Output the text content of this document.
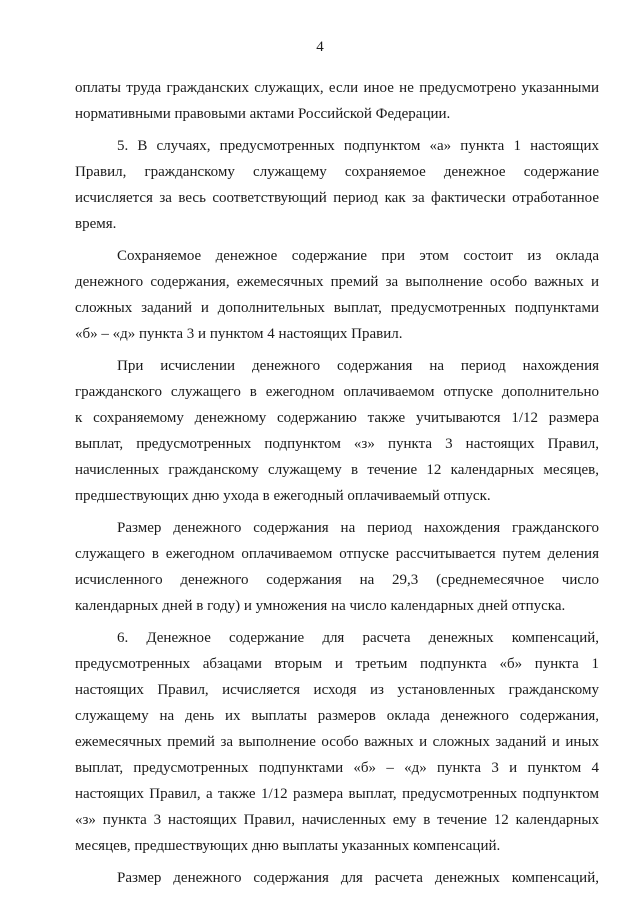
4
оплаты труда гражданских служащих, если иное не предусмотрено указанными
нормативными правовыми актами Российской Федерации.
5. В случаях, предусмотренных подпунктом «а» пункта 1 настоящих
Правил, гражданскому служащему сохраняемое денежное содержание
исчисляется за весь соответствующий период как за фактически отработанное
время.
Сохраняемое денежное содержание при этом состоит из оклада
денежного содержания, ежемесячных премий за выполнение особо важных и
сложных заданий и дополнительных выплат, предусмотренных подпунктами
«б» – «д» пункта 3 и пунктом 4 настоящих Правил.
При исчислении денежного содержания на период нахождения
гражданского служащего в ежегодном оплачиваемом отпуске дополнительно
к сохраняемому денежному содержанию также учитываются 1/12 размера
выплат, предусмотренных подпунктом «з» пункта 3 настоящих Правил,
начисленных гражданскому служащему в течение 12 календарных месяцев,
предшествующих дню ухода в ежегодный оплачиваемый отпуск.
Размер денежного содержания на период нахождения гражданского
служащего в ежегодном оплачиваемом отпуске рассчитывается путем деления
исчисленного денежного содержания на 29,3 (среднемесячное число
календарных дней в году) и умножения на число календарных дней отпуска.
6. Денежное содержание для расчета денежных компенсаций,
предусмотренных абзацами вторым и третьим подпункта «б» пункта 1
настоящих Правил, исчисляется исходя из установленных гражданскому
служащему на день их выплаты размеров оклада денежного содержания,
ежемесячных премий за выполнение особо важных и сложных заданий и иных
выплат, предусмотренных подпунктами «б» – «д» пункта 3 и пунктом 4
настоящих Правил, а также 1/12 размера выплат, предусмотренных подпунктом
«з» пункта 3 настоящих Правил, начисленных ему в течение 12 календарных
месяцев, предшествующих дню выплаты указанных компенсаций.
Размер денежного содержания для расчета денежных компенсаций,
